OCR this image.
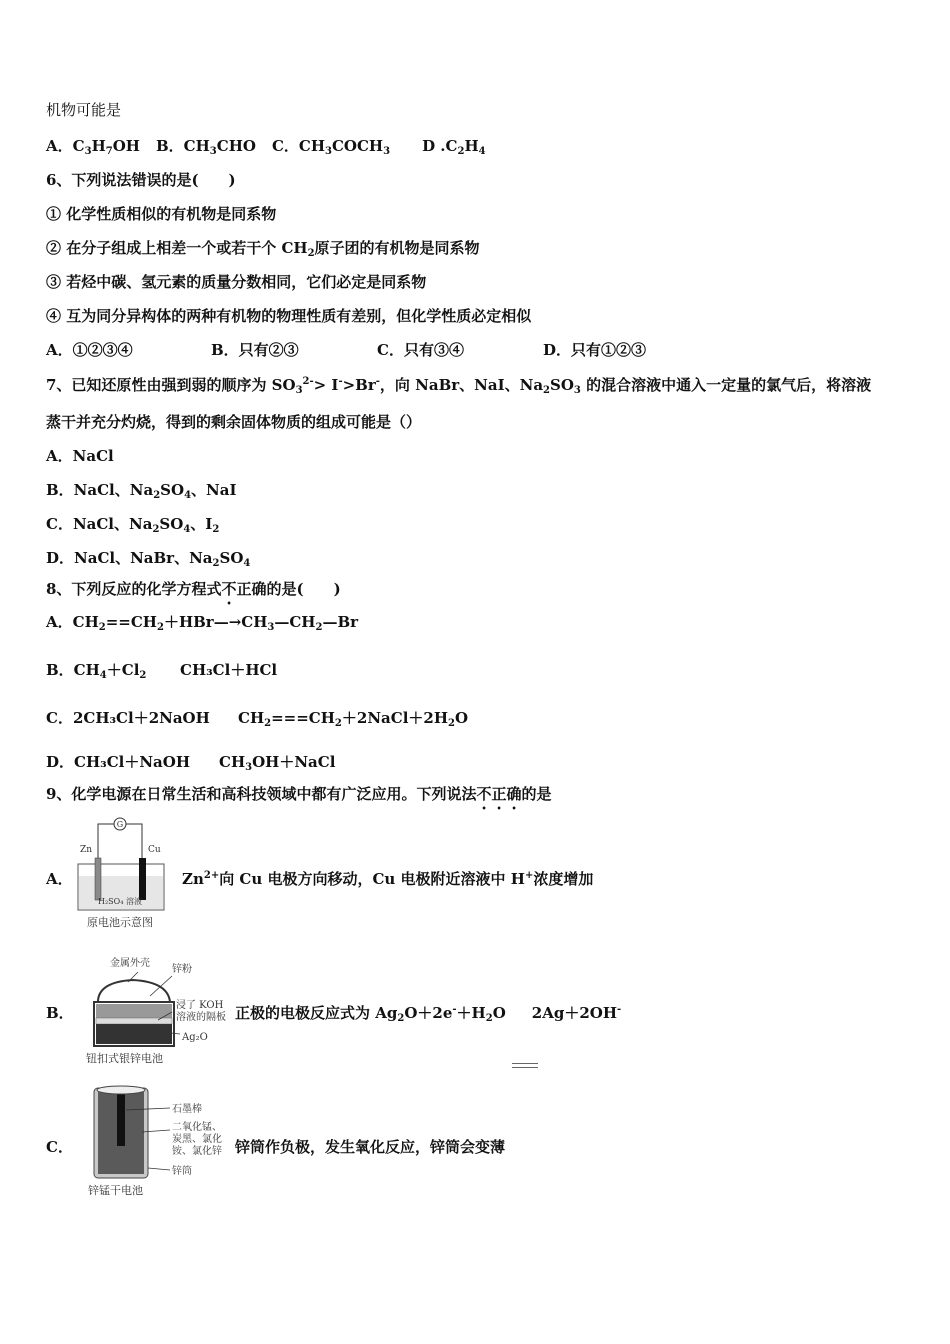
机物可能是
A．$C_3H_7OH$ B．$CH_3CHO$ C．$CH_3COCH_3$ D $.C_2H_4$
6、下列说法错误的是(　　)
① 化学性质相似的有机物是同系物
② 在分子组成上相差一个或若干个 $CH_2$原子团的有机物是同系物
③ 若烃中碳、氢元素的质量分数相同，它们必定是同系物
④ 互为同分异构体的两种有机物的物理性质有差别，但化学性质必定相似
A．①②③④	B．只有②③	C．只有③④	D．只有①②③
7、已知还原性由强到弱的顺序为 $SO_3^{2-}> I^->Br^-$，向 NaBr、NaI、$Na_2SO_3$ 的混合溶液中通入一定量的氯气后，将溶液
蒸干并充分灼烧，得到的剩余固体物质的组成可能是（）
A．NaCl
B．NaCl、$Na_2SO_4$、NaI
C．NaCl、$Na_2SO_4$、$I_2$
D．NaCl、NaBr、$Na_2SO_4$
8、下列反应的化学方程式不正确的是(　　)
A．$CH_2==CH_2+HBr—\to CH_3—CH_2—Br$
B．$CH_4+Cl_2$ CH₃Cl＋HCl
C．2CH₃Cl＋2NaOH $CH_2===CH_2+2NaCl+2H_2O$
D．CH₃Cl＋NaOH $CH_3OH+NaCl$
9、化学电源在日常生活和高科技领域中都有广泛应用。下列说法不正确的是
A．
G
Zn	Cu
H₂SO₄ 溶液
原电池示意图
$Zn^{2+}$向 Cu 电极方向移动，Cu 电极附近溶液中 H+浓度增加
B．
金属外壳
锌粉
浸了 KOH
溶液的隔板
Ag₂O
钮扣式银锌电池
正极的电极反应式为 $Ag_2O+2e^-+H_2O$ 2Ag＋2OH-
C．
石墨棒
二氧化锰、
炭黑、氯化
铵、氯化锌
锌筒
锌锰干电池
锌筒作负极，发生氧化反应，锌筒会变薄
